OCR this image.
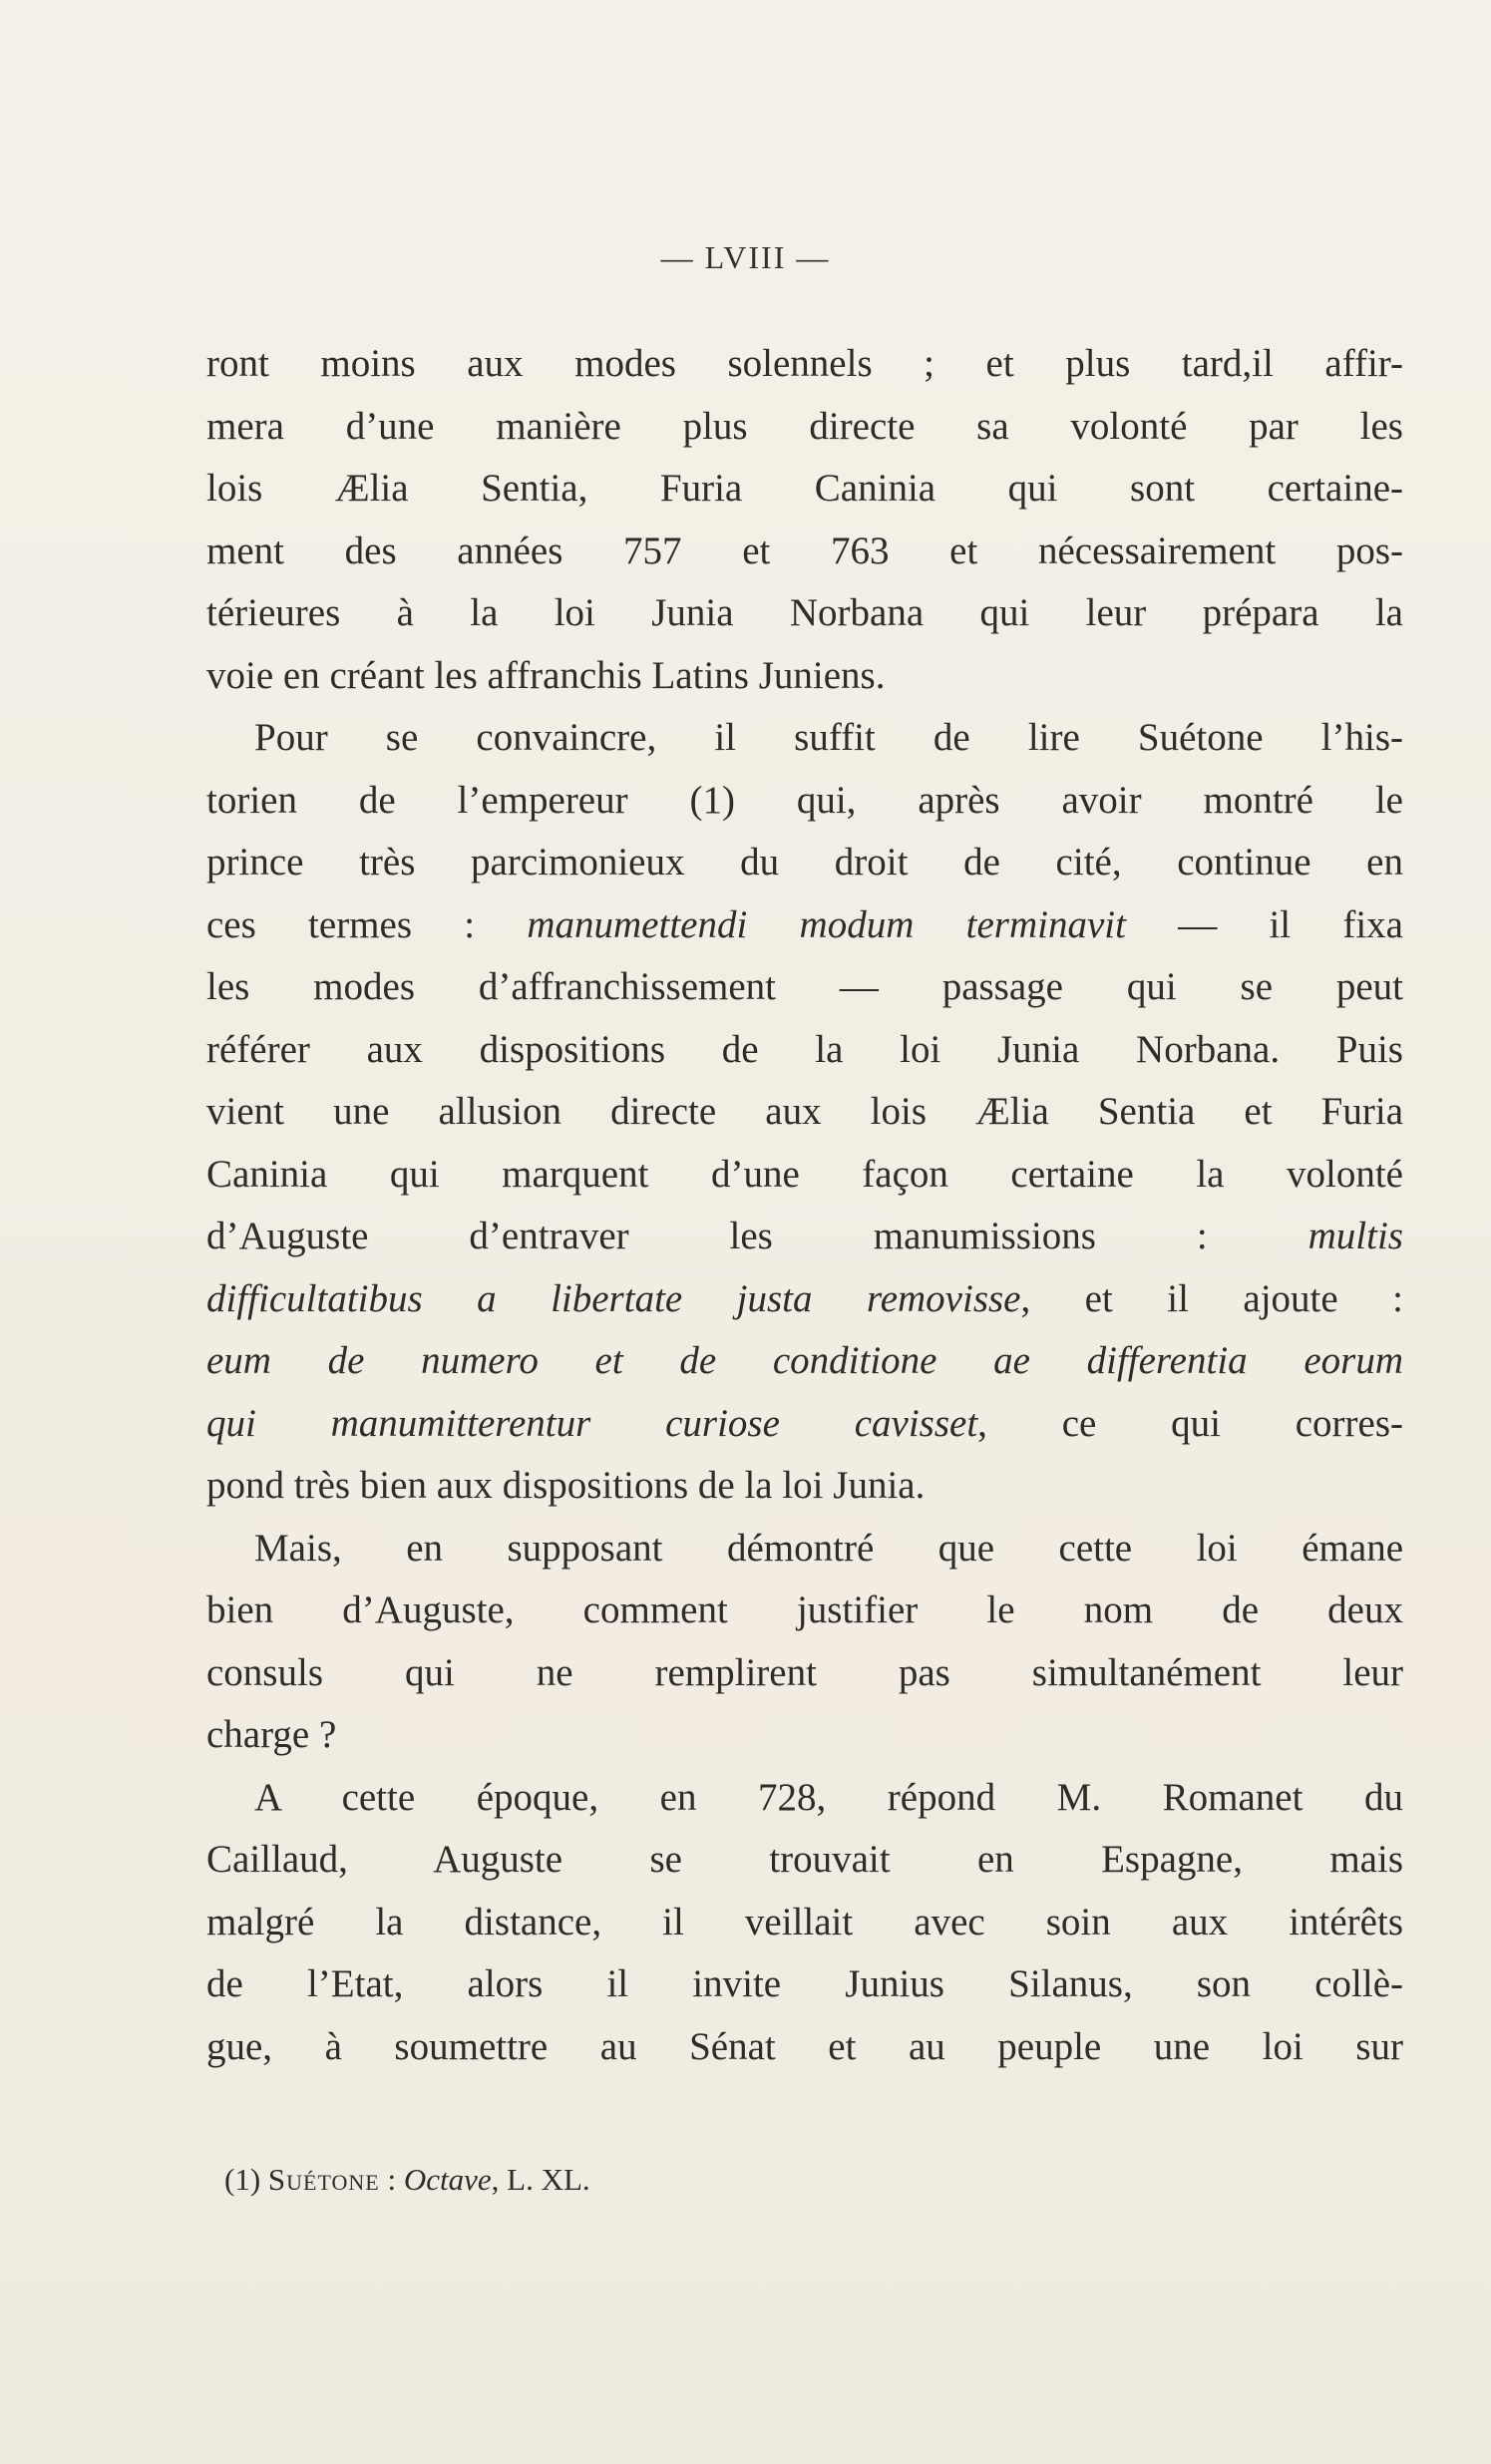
— LVIII —
ront moins aux modes solennels ; et plus tard,il affir-
mera d’une manière plus directe sa volonté par les
lois Ælia Sentia, Furia Caninia qui sont certaine-
ment des années 757 et 763 et nécessairement pos-
térieures à la loi Junia Norbana qui leur prépara la
voie en créant les affranchis Latins Juniens.
Pour se convaincre, il suffit de lire Suétone l’his-
torien de l’empereur (1) qui, après avoir montré le
prince très parcimonieux du droit de cité, continue en
ces termes : manumettendi modum terminavit — il fixa
les modes d’affranchissement — passage qui se peut
référer aux dispositions de la loi Junia Norbana. Puis
vient une allusion directe aux lois Ælia Sentia et Furia
Caninia qui marquent d’une façon certaine la volonté
d’Auguste d’entraver les manumissions : multis
difficultatibus a libertate justa removisse, et il ajoute :
eum de numero et de conditione ae differentia eorum
qui manumitterentur curiose cavisset, ce qui corres-
pond très bien aux dispositions de la loi Junia.
Mais, en supposant démontré que cette loi émane
bien d’Auguste, comment justifier le nom de deux
consuls qui ne remplirent pas simultanément leur
charge ?
A cette époque, en 728, répond M. Romanet du
Caillaud, Auguste se trouvait en Espagne, mais
malgré la distance, il veillait avec soin aux intérêts
de l’Etat, alors il invite Junius Silanus, son collè-
gue, à soumettre au Sénat et au peuple une loi sur
(1) Suétone : Octave, L. XL.
